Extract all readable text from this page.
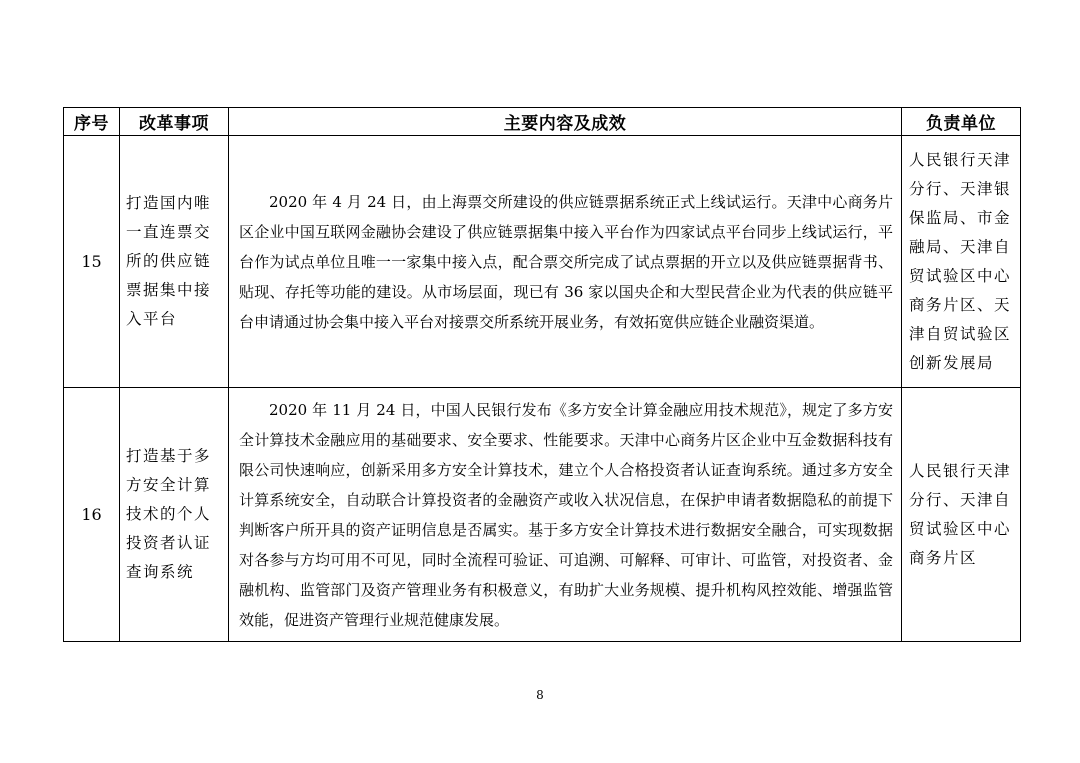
序号	改革事项	主要内容及成效	负责单位
15	打造国内唯一直连票交所的供应链票据集中接入平台	2020 年 4 月 24 日，由上海票交所建设的供应链票据系统正式上线试运行。天津中心商务片区企业中国互联网金融协会建设了供应链票据集中接入平台作为四家试点平台同步上线试运行，平台作为试点单位且唯一一家集中接入点，配合票交所完成了试点票据的开立以及供应链票据背书、贴现、存托等功能的建设。从市场层面，现已有 36 家以国央企和大型民营企业为代表的供应链平台申请通过协会集中接入平台对接票交所系统开展业务，有效拓宽供应链企业融资渠道。	人民银行天津分行、天津银保监局、市金融局、天津自贸试验区中心商务片区、天津自贸试验区创新发展局
16	打造基于多方安全计算技术的个人投资者认证查询系统	2020 年 11 月 24 日，中国人民银行发布《多方安全计算金融应用技术规范》，规定了多方安全计算技术金融应用的基础要求、安全要求、性能要求。天津中心商务片区企业中互金数据科技有限公司快速响应，创新采用多方安全计算技术，建立个人合格投资者认证查询系统。通过多方安全计算系统安全，自动联合计算投资者的金融资产或收入状况信息，在保护申请者数据隐私的前提下判断客户所开具的资产证明信息是否属实。基于多方安全计算技术进行数据安全融合，可实现数据对各参与方均可用不可见，同时全流程可验证、可追溯、可解释、可审计、可监管，对投资者、金融机构、监管部门及资产管理业务有积极意义，有助扩大业务规模、提升机构风控效能、增强监管效能，促进资产管理行业规范健康发展。	人民银行天津分行、天津自贸试验区中心商务片区
8
